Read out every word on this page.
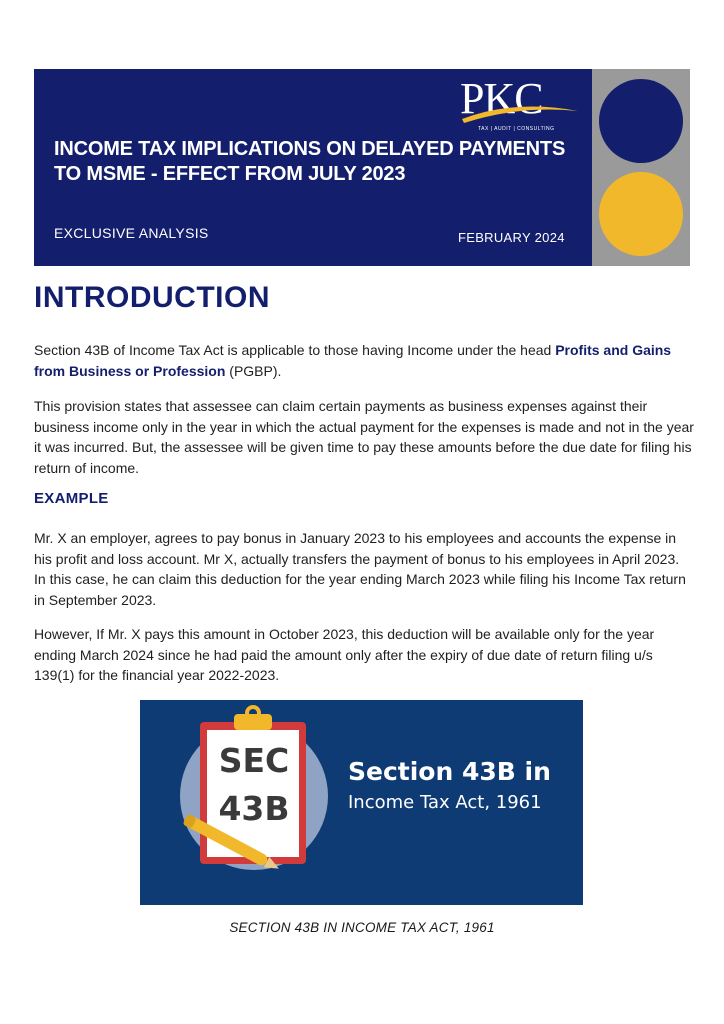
PKC
TAX | AUDIT | CONSULTING
INCOME TAX IMPLICATIONS ON DELAYED PAYMENTS TO MSME - EFFECT FROM JULY 2023
EXCLUSIVE ANALYSIS	FEBRUARY 2024
INTRODUCTION

Section 43B of Income Tax Act is applicable to those having Income under the head Profits and Gains from Business or Profession (PGBP).

This provision states that assessee can claim certain payments as business expenses against their business income only in the year in which the actual payment for the expenses is made and not in the year it was incurred. But, the assessee will be given time to pay these amounts before the due date for filing his return of income.

EXAMPLE

Mr. X an employer, agrees to pay bonus in January 2023 to his employees and accounts the expense in his profit and loss account. Mr X, actually transfers the payment of bonus to his employees in April 2023. In this case, he can claim this deduction for the year ending March 2023 while filing his Income Tax return in September 2023.

However, If Mr. X pays this amount in October 2023, this deduction will be available only for the year ending March 2024 since he had paid the amount only after the expiry of due date of return filing u/s 139(1) for the financial year 2022-2023.

SEC
43B
Section 43B in
Income Tax Act, 1961
SECTION 43B IN INCOME TAX ACT, 1961
